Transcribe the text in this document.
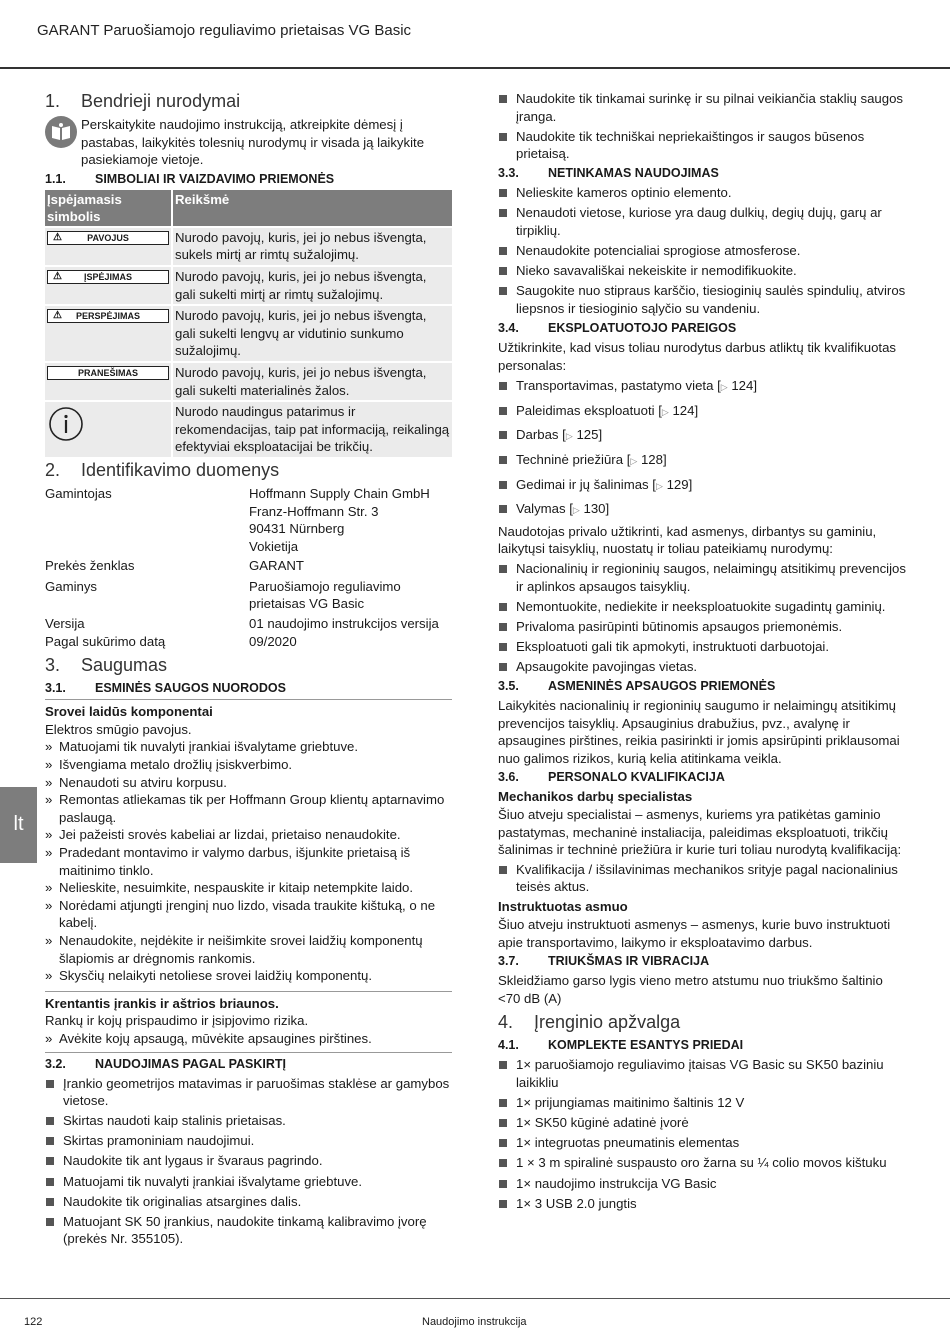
GARANT Paruošiamojo reguliavimo prietaisas VG Basic
1. Bendrieji nurodymai

Perskaitykite naudojimo instrukciją, atkreipkite dėmesį į pastabas, laikykitės tolesnių nurodymų ir visada ją laikykite pasiekiamoje vietoje.

1.1. SIMBOLIAI IR VAIZDAVIMO PRIEMONĖS
Įspėjamasis simbolis	Reikšmė

⚠ PAVOJUS	Nurodo pavojų, kuris, jei jo nebus išvengta, sukels mirtį ar rimtų sužalojimų.

⚠ ĮSPĖJIMAS	Nurodo pavojų, kuris, jei jo nebus išvengta, gali sukelti mirtį ar rimtų sužalojimų.

⚠ PERSPĖJIMAS	Nurodo pavojų, kuris, jei jo nebus išvengta, gali sukelti lengvų ar vidutinio sunkumo sužalojimų.

PRANEŠIMAS	Nurodo pavojų, kuris, jei jo nebus išvengta, gali sukelti materialinės žalos.
	Nurodo naudingus patarimus ir rekomendacijas, taip pat informaciją, reikalingą efektyviai eksploatacijai be trikčių.
2. Identifikavimo duomenys
Gamintojas	Hoffmann Supply Chain GmbH
Franz-Hoffmann Str. 3
90431 Nürnberg
Vokietija
Prekės ženklas	GARANT
Gaminys	Paruošiamojo reguliavimo
prietaisas VG Basic
Versija	01 naudojimo instrukcijos versija
Pagal sukūrimo datą	09/2020
3. Saugumas
3.1. ESMINĖS SAUGOS NUORODOS
Srovei laidūs komponentai

Elektros smūgio pavojus.

» Matuojami tik nuvalyti įrankiai išvalytame griebtuve.
» Išvengiama metalo drožlių įsiskverbimo.
» Nenaudoti su atviru korpusu.
» Remontas atliekamas tik per Hoffmann Group klientų aptarnavimo paslaugą.
» Jei pažeisti srovės kabeliai ar lizdai, prietaiso nenaudokite.
» Pradedant montavimo ir valymo darbus, išjunkite prietaisą iš maitinimo tinklo.
» Nelieskite, nesuimkite, nespauskite ir kitaip netempkite laido.
» Norėdami atjungti įrenginį nuo lizdo, visada traukite kištuką, o ne kabelį.
» Nenaudokite, neįdėkite ir neišimkite srovei laidžių komponentų šlapiomis ar drėgnomis rankomis.
» Skysčių nelaikyti netoliese srovei laidžių komponentų.
Krentantis įrankis ir aštrios briaunos.

Rankų ir kojų prispaudimo ir įsipjovimo rizika.

» Avėkite kojų apsaugą, mūvėkite apsaugines pirštines.
3.2. NAUDOJIMAS PAGAL PASKIRTĮ
Įrankio geometrijos matavimas ir paruošimas staklėse ar gamybos vietose.
Skirtas naudoti kaip stalinis prietaisas.
Skirtas pramoniniam naudojimui.
Naudokite tik ant lygaus ir švaraus pagrindo.
Matuojami tik nuvalyti įrankiai išvalytame griebtuve.
Naudokite tik originalias atsargines dalis.
Matuojant SK 50 įrankius, naudokite tinkamą kalibravimo įvorę (prekės Nr. 355105).
Naudokite tik tinkamai surinkę ir su pilnai veikiančia staklių saugos įranga.
Naudokite tik techniškai nepriekaištingos ir saugos būsenos prietaisą.
3.3. NETINKAMAS NAUDOJIMAS
Nelieskite kameros optinio elemento.
Nenaudoti vietose, kuriose yra daug dulkių, degių dujų, garų ar tirpiklių.
Nenaudokite potencialiai sprogiose atmosferose.
Nieko savavališkai nekeiskite ir nemodifikuokite.
Saugokite nuo stipraus karščio, tiesioginių saulės spindulių, atviros liepsnos ir tiesioginio sąlyčio su vandeniu.
3.4. EKSPLOATUOTOJO PAREIGOS

Užtikrinkite, kad visus toliau nurodytus darbus atliktų tik kvalifikuotas personalas:

Transportavimas, pastatymo vieta [▷ 124]
Paleidimas eksploatuoti [▷ 124]
Darbas [▷ 125]
Techninė priežiūra [▷ 128]
Gedimai ir jų šalinimas [▷ 129]
Valymas [▷ 130]

Naudotojas privalo užtikrinti, kad asmenys, dirbantys su gaminiu, laikytųsi taisyklių, nuostatų ir toliau pateikiamų nurodymų:

Nacionalinių ir regioninių saugos, nelaimingų atsitikimų prevencijos ir aplinkos apsaugos taisyklių.
Nemontuokite, nediekite ir neeksploatuokite sugadintų gaminių.
Privaloma pasirūpinti būtinomis apsaugos priemonėmis.
Eksploatuoti gali tik apmokyti, instruktuoti darbuotojai.
Apsaugokite pavojingas vietas.
3.5. ASMENINĖS APSAUGOS PRIEMONĖS

Laikykitės nacionalinių ir regioninių saugumo ir nelaimingų atsitikimų prevencijos taisyklių. Apsauginius drabužius, pvz., avalynę ir apsaugines pirštines, reikia pasirinkti ir jomis apsirūpinti priklausomai nuo galimos rizikos, kurią kelia atitinkama veikla.

3.6. PERSONALO KVALIFIKACIJA
Mechanikos darbų specialistas

Šiuo atveju specialistai – asmenys, kuriems yra patikėtas gaminio pastatymas, mechaninė instaliacija, paleidimas eksploatuoti, trikčių šalinimas ir techninė priežiūra ir kurie turi toliau nurodytą kvalifikaciją:

Kvalifikacija / išsilavinimas mechanikos srityje pagal nacionalinius teisės aktus.
Instruktuotas asmuo

Šiuo atveju instruktuoti asmenys – asmenys, kurie buvo instruktuoti apie transportavimo, laikymo ir eksploatavimo darbus.

3.7. TRIUKŠMAS IR VIBRACIJA

Skleidžiamo garso lygis vieno metro atstumu nuo triukšmo šaltinio <70 dB (A)

4. Įrenginio apžvalga
4.1. KOMPLEKTE ESANTYS PRIEDAI
1× paruošiamojo reguliavimo įtaisas VG Basic su SK50 baziniu laikikliu
1× prijungiamas maitinimo šaltinis 12 V
1× SK50 kūginė adatinė įvorė
1× integruotas pneumatinis elementas
1 × 3 m spiralinė suspausto oro žarna su ¼ colio movos kištuku
1× naudojimo instrukcija VG Basic
1× 3 USB 2.0 jungtis
lt
122	Naudojimo instrukcija
